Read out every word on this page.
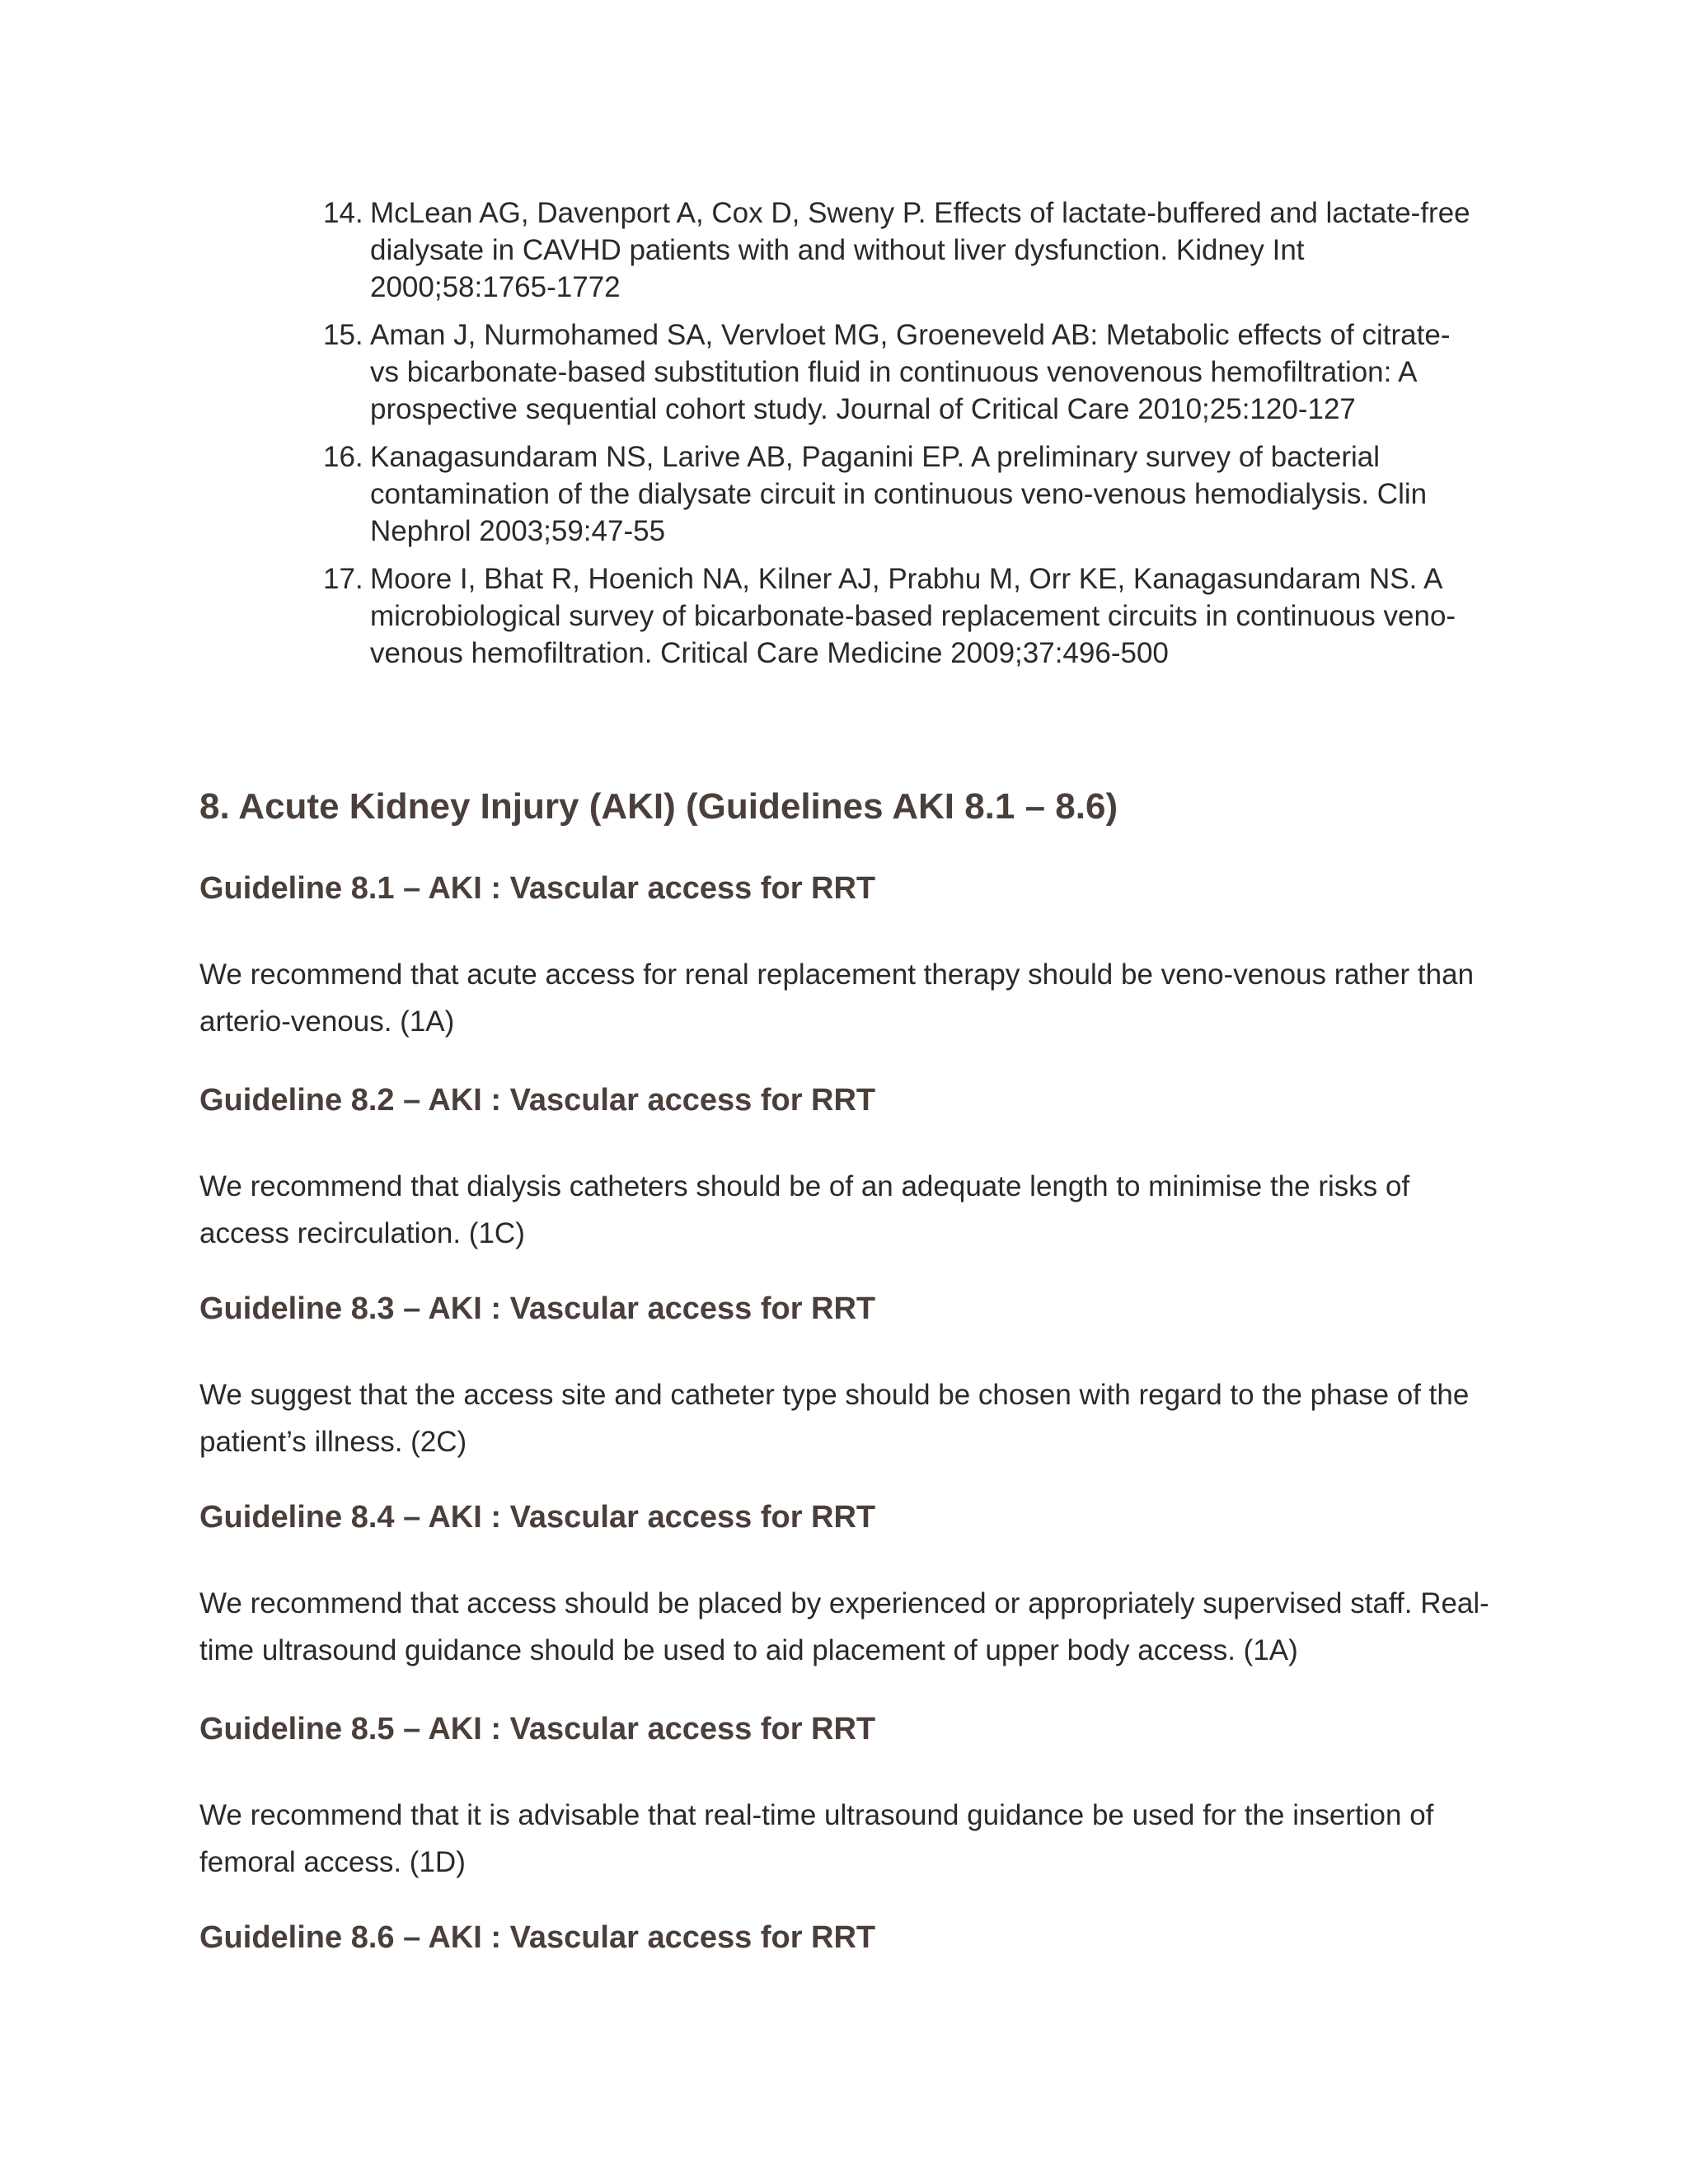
14. McLean AG, Davenport A, Cox D, Sweny P. Effects of lactate-buffered and lactate-free dialysate in CAVHD patients with and without liver dysfunction. Kidney Int 2000;58:1765-1772
15. Aman J, Nurmohamed SA, Vervloet MG, Groeneveld AB: Metabolic effects of citrate- vs bicarbonate-based substitution fluid in continuous venovenous hemofiltration: A prospective sequential cohort study. Journal of Critical Care 2010;25:120-127
16. Kanagasundaram NS, Larive AB, Paganini EP. A preliminary survey of bacterial contamination of the dialysate circuit in continuous veno-venous hemodialysis. Clin Nephrol 2003;59:47-55
17. Moore I, Bhat R, Hoenich NA, Kilner AJ, Prabhu M, Orr KE, Kanagasundaram NS. A microbiological survey of bicarbonate-based replacement circuits in continuous veno-venous hemofiltration. Critical Care Medicine 2009;37:496-500
8. Acute Kidney Injury (AKI) (Guidelines AKI 8.1 – 8.6)
Guideline 8.1 – AKI : Vascular access for RRT

We recommend that acute access for renal replacement therapy should be veno-venous rather than arterio-venous. (1A)

Guideline 8.2 – AKI : Vascular access for RRT

We recommend that dialysis catheters should be of an adequate length to minimise the risks of access recirculation. (1C)

Guideline 8.3 – AKI : Vascular access for RRT

We suggest that the access site and catheter type should be chosen with regard to the phase of the patient’s illness. (2C)

Guideline 8.4 – AKI : Vascular access for RRT

We recommend that access should be placed by experienced or appropriately supervised staff. Real-time ultrasound guidance should be used to aid placement of upper body access. (1A)

Guideline 8.5 – AKI : Vascular access for RRT

We recommend that it is advisable that real-time ultrasound guidance be used for the insertion of femoral access. (1D)

Guideline 8.6 – AKI : Vascular access for RRT
